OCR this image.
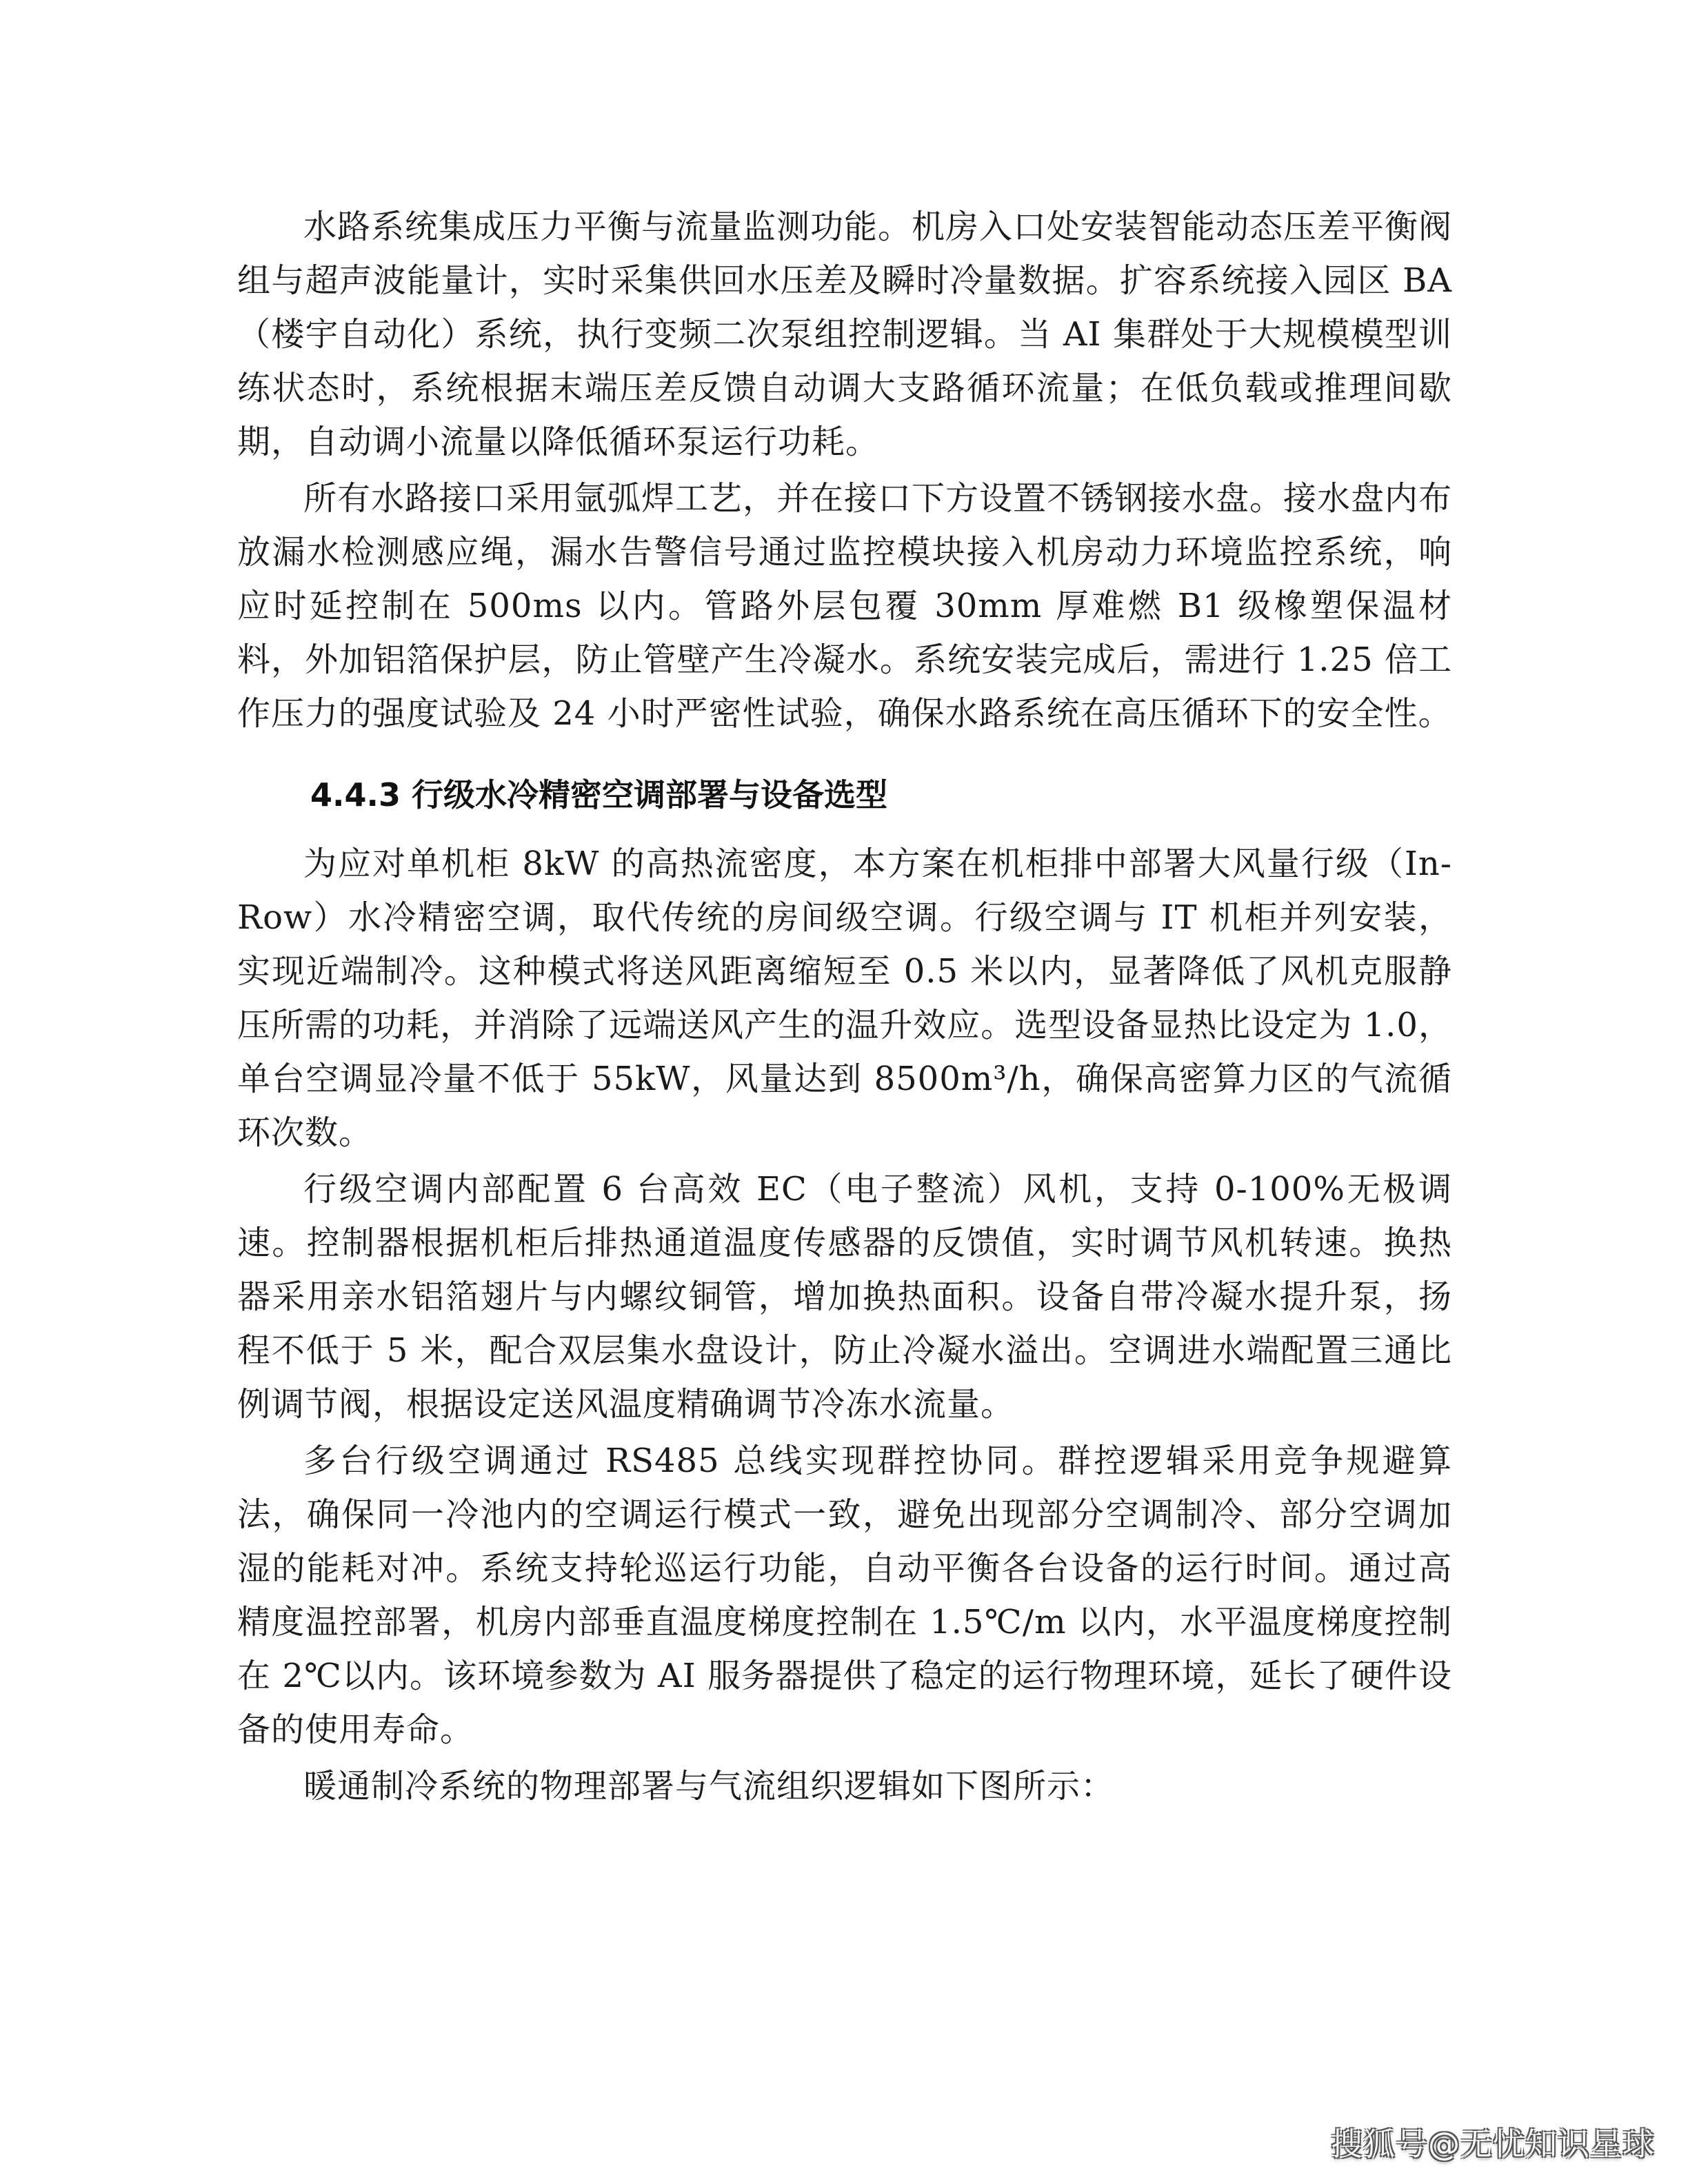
水路系统集成压力平衡与流量监测功能。机房入口处安装智能动态压差平衡阀组与超声波能量计，实时采集供回水压差及瞬时冷量数据。扩容系统接入园区 BA（楼宇自动化）系统，执行变频二次泵组控制逻辑。当 AI 集群处于大规模模型训练状态时，系统根据末端压差反馈自动调大支路循环流量；在低负载或推理间歇期，自动调小流量以降低循环泵运行功耗。

所有水路接口采用氩弧焊工艺，并在接口下方设置不锈钢接水盘。接水盘内布放漏水检测感应绳，漏水告警信号通过监控模块接入机房动力环境监控系统，响应时延控制在 500ms 以内。管路外层包覆 30mm 厚难燃 B1 级橡塑保温材料，外加铝箔保护层，防止管壁产生冷凝水。系统安装完成后，需进行 1.25 倍工作压力的强度试验及 24 小时严密性试验，确保水路系统在高压循环下的安全性。

4.4.3 行级水冷精密空调部署与设备选型

为应对单机柜 8kW 的高热流密度，本方案在机柜排中部署大风量行级（In-Row）水冷精密空调，取代传统的房间级空调。行级空调与 IT 机柜并列安装，实现近端制冷。这种模式将送风距离缩短至 0.5 米以内，显著降低了风机克服静压所需的功耗，并消除了远端送风产生的温升效应。选型设备显热比设定为 1.0，单台空调显冷量不低于 55kW，风量达到 8500m³/h，确保高密算力区的气流循环次数。

行级空调内部配置 6 台高效 EC（电子整流）风机，支持 0-100%无极调速。控制器根据机柜后排热通道温度传感器的反馈值，实时调节风机转速。换热器采用亲水铝箔翅片与内螺纹铜管，增加换热面积。设备自带冷凝水提升泵，扬程不低于 5 米，配合双层集水盘设计，防止冷凝水溢出。空调进水端配置三通比例调节阀，根据设定送风温度精确调节冷冻水流量。

多台行级空调通过 RS485 总线实现群控协同。群控逻辑采用竞争规避算法，确保同一冷池内的空调运行模式一致，避免出现部分空调制冷、部分空调加湿的能耗对冲。系统支持轮巡运行功能，自动平衡各台设备的运行时间。通过高精度温控部署，机房内部垂直温度梯度控制在 1.5℃/m 以内，水平温度梯度控制在 2℃以内。该环境参数为 AI 服务器提供了稳定的运行物理环境，延长了硬件设备的使用寿命。

暖通制冷系统的物理部署与气流组织逻辑如下图所示：

搜狐号@无忧知识星球
